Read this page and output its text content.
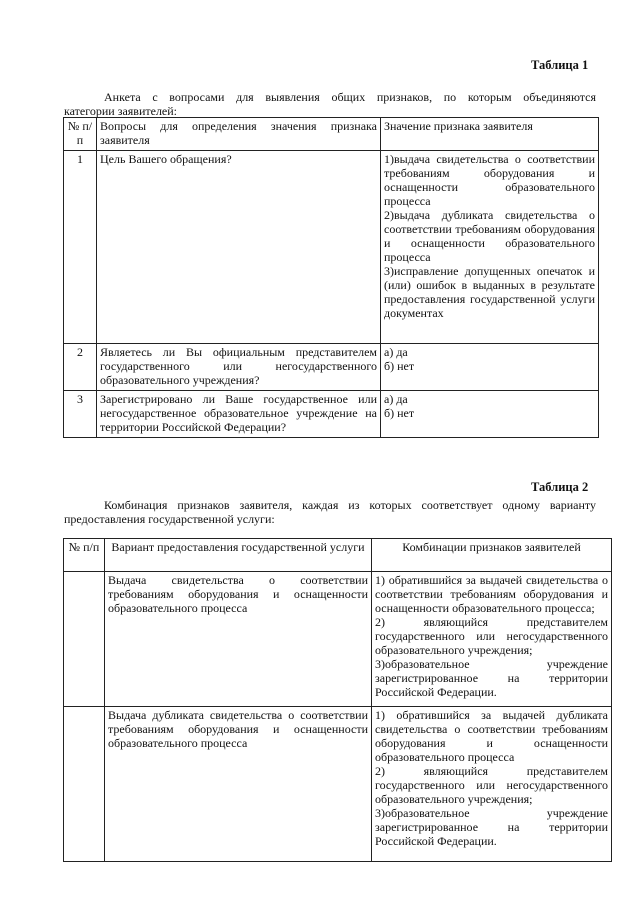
Таблица 1
Анкета с вопросами для выявления общих признаков, по которым объединяются
категории заявителей:
№ п/п	Вопросы для определения значения признака заявителя	Значение признака заявителя
1	Цель Вашего обращения?	1)выдача свидетельства о соответствии требованиям оборудования и оснащенности образовательного процесса
2)выдача дубликата свидетельства о соответствии требованиям оборудования и оснащенности образовательного процесса
3)исправление допущенных опечаток и (или) ошибок в выданных в результате предоставления государственной услуги документах

2	Являетесь ли Вы официальным представителем государственного или негосударственного образовательного учреждения?	а) да
б) нет

3	Зарегистрировано ли Ваше государственное или негосударственное образовательное учреждение на территории Российской Федерации?	а) да
б) нет
Таблица 2
Комбинация признаков заявителя, каждая из которых соответствует одному варианту
предоставления государственной услуги:
№ п/п	Вариант предоставления государственной услуги	Комбинации признаков заявителей
	Выдача свидетельства о соответствии требованиям оборудования и оснащенности образовательного процесса	1) обратившийся за выдачей свидетельства о соответствии требованиям оборудования и оснащенности образовательного процесса;
2) являющийся представителем государственного или негосударственного образовательного учреждения;
3)образовательное учреждение зарегистрированное на территории Российской Федерации.

	Выдача дубликата свидетельства о соответствии требованиям оборудования и оснащенности образовательного процесса	1) обратившийся за выдачей дубликата свидетельства о соответствии требованиям оборудования и оснащенности образовательного процесса
2) являющийся представителем государственного или негосударственного образовательного учреждения;
3)образовательное учреждение зарегистрированное на территории Российской Федерации.
